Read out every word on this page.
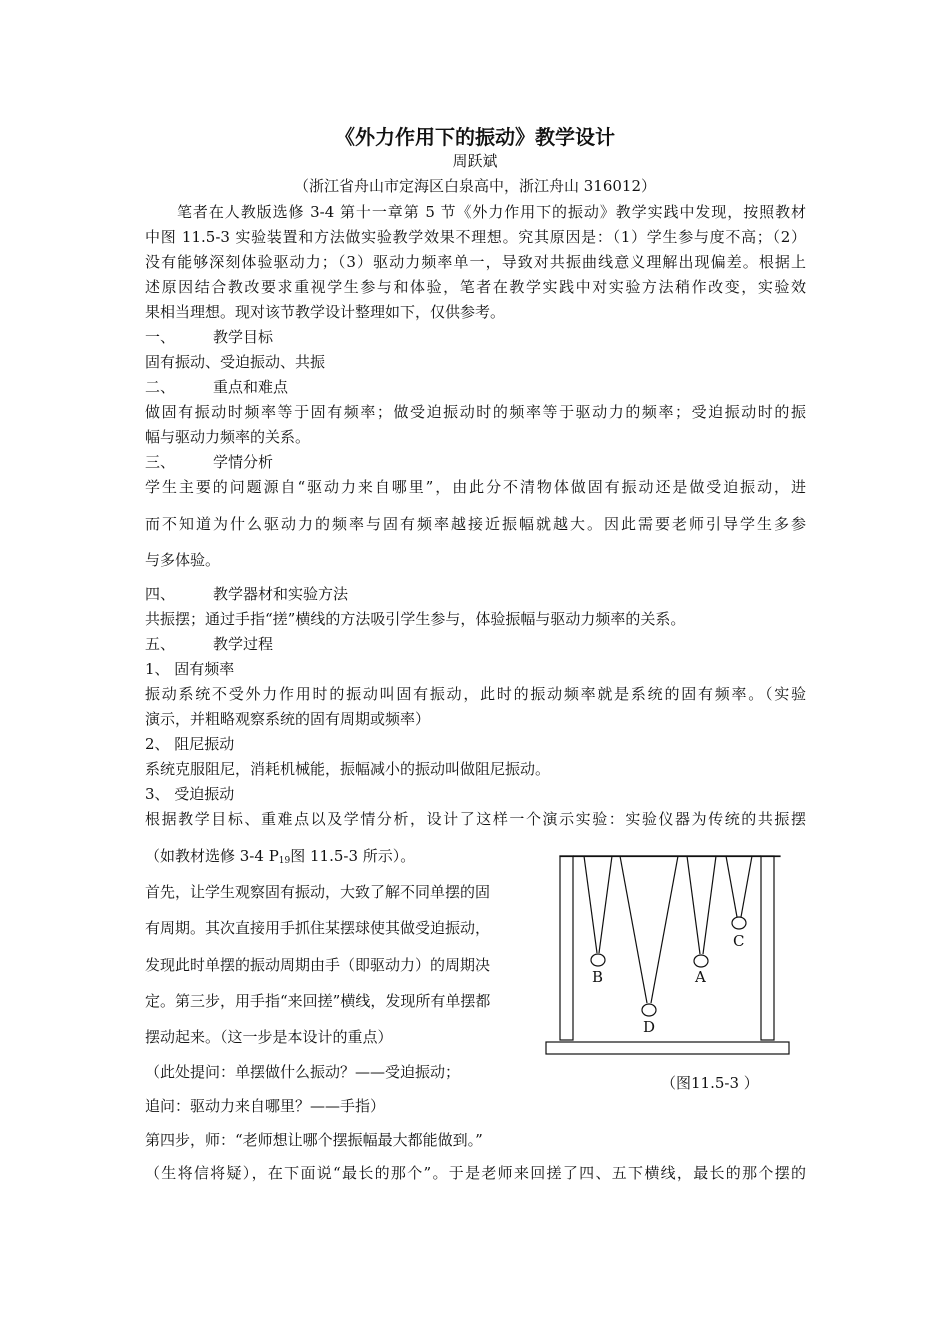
《外力作用下的振动》教学设计
周跃斌
（浙江省舟山市定海区白泉高中，浙江舟山 316012）
笔者在人教版选修 3-4 第十一章第 5 节《外力作用下的振动》教学实践中发现，按照教材
中图 11.5-3 实验装置和方法做实验教学效果不理想。究其原因是：（1）学生参与度不高；（2）
没有能够深刻体验驱动力；（3）驱动力频率单一，导致对共振曲线意义理解出现偏差。根据上
述原因结合教改要求重视学生参与和体验，笔者在教学实践中对实验方法稍作改变，实验效
果相当理想。现对该节教学设计整理如下，仅供参考。
一、	教学目标
固有振动、受迫振动、共振
二、	重点和难点
做固有振动时频率等于固有频率；做受迫振动时的频率等于驱动力的频率；受迫振动时的振
幅与驱动力频率的关系。
三、	学情分析
学生主要的问题源自“驱动力来自哪里”，由此分不清物体做固有振动还是做受迫振动，进
而不知道为什么驱动力的频率与固有频率越接近振幅就越大。因此需要老师引导学生多参
与多体验。
四、	教学器材和实验方法
共振摆；通过手指“搓”横线的方法吸引学生参与，体验振幅与驱动力频率的关系。
五、	教学过程
1、 固有频率
振动系统不受外力作用时的振动叫固有振动，此时的振动频率就是系统的固有频率。（实验
演示，并粗略观察系统的固有周期或频率）
2、 阻尼振动
系统克服阻尼，消耗机械能，振幅减小的振动叫做阻尼振动。
3、 受迫振动
根据教学目标、重难点以及学情分析，设计了这样一个演示实验：实验仪器为传统的共振摆
（如教材选修 3-4 $P_{19}$图 11.5-3 所示）。
首先，让学生观察固有振动，大致了解不同单摆的固
有周期。其次直接用手抓住某摆球使其做受迫振动，
发现此时单摆的振动周期由手（即驱动力）的周期决
定。第三步，用手指“来回搓”横线，发现所有单摆都
摆动起来。（这一步是本设计的重点）
（此处提问：单摆做什么振动？——受迫振动；
追问：驱动力来自哪里？——手指）
第四步，师：“老师想让哪个摆振幅最大都能做到。”
（生将信将疑），在下面说“最长的那个”。于是老师来回搓了四、五下横线，最长的那个摆的
B
D
A
C
（图11.5-3 ）
